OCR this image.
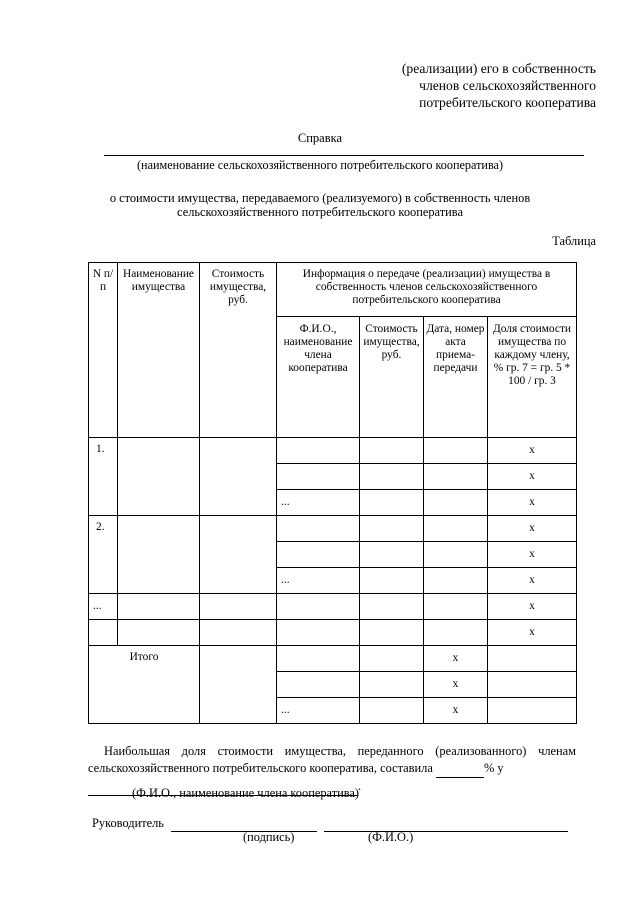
(реализации) его в собственность
членов сельскохозяйственного
потребительского кооператива
Справка
(наименование сельскохозяйственного потребительского кооператива)
о стоимости имущества, передаваемого (реализуемого) в собственность членов
сельскохозяйственного потребительского кооператива
Таблица
N п/п	Наименование имущества	Стоимость имущества, руб.	Информация о передаче (реализации) имущества в собственность членов сельскохозяйственного потребительского кооператива			
			Ф.И.О., наименование члена кооператива	Стоимость имущества, руб.	Дата, номер акта приема-передачи	Доля стоимости имущества по каждому члену, % гр. 7 = гр. 5 * 100 / гр. 3
1.						х
						х
			...			х
2.						х
						х
			...			х
...						х
						х
Итого					х	
					х	
			...		х	
Наибольшая доля стоимости имущества, переданного (реализованного) членам сельскохозяйственного потребительского кооператива, составила	% у
.
(Ф.И.О., наименование члена кооператива)
Руководитель
(подпись)	(Ф.И.О.)
